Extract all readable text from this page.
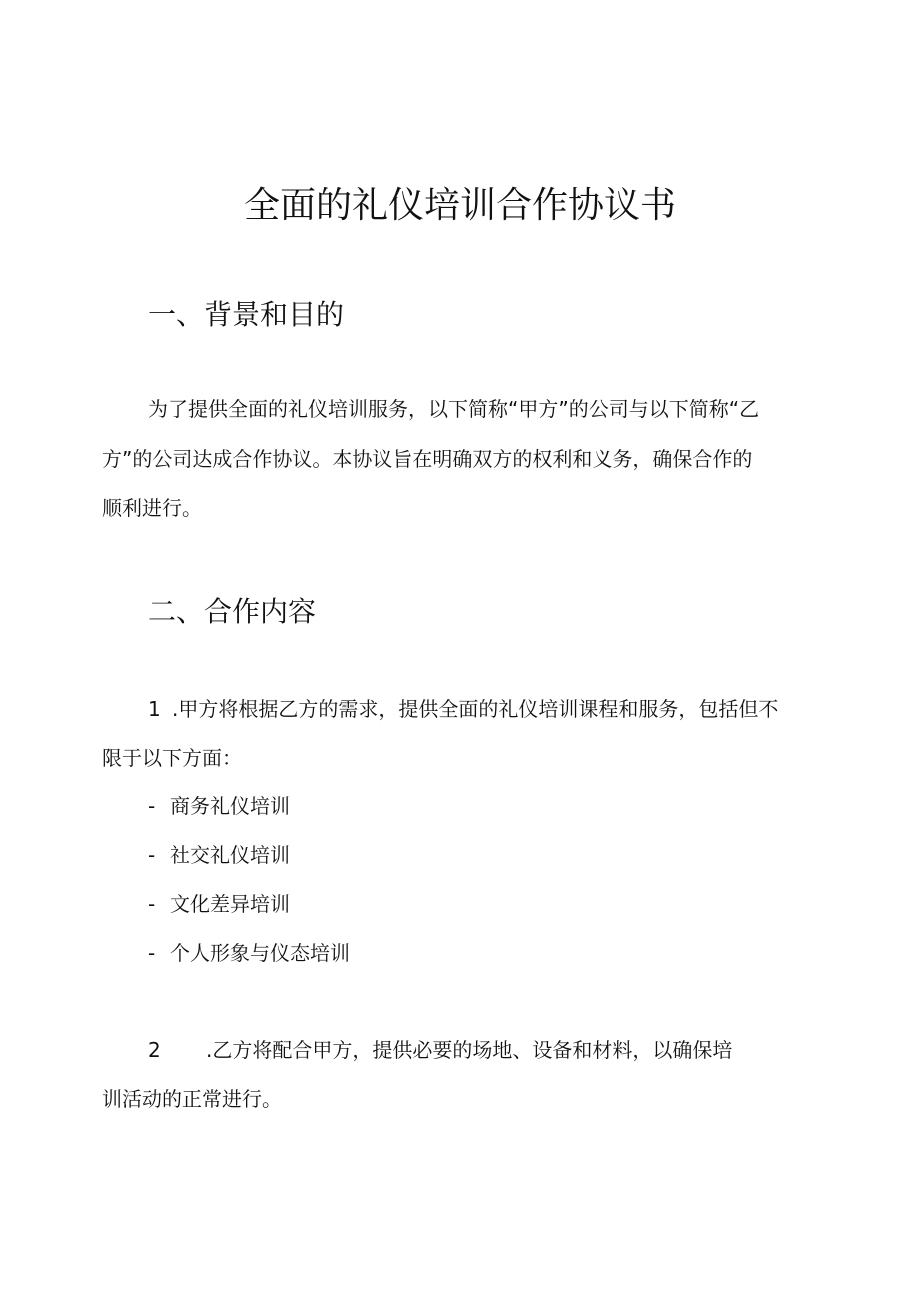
全面的礼仪培训合作协议书
一、背景和目的

为了提供全面的礼仪培训服务，以下简称“甲方”的公司与以下简称“乙

方”的公司达成合作协议。本协议旨在明确双方的权利和义务，确保合作的

顺利进行。

二、合作内容

1 .甲方将根据乙方的需求，提供全面的礼仪培训课程和服务，包括但不

限于以下方面：

- 商务礼仪培训

- 社交礼仪培训

- 文化差异培训

- 个人形象与仪态培训

2 .乙方将配合甲方，提供必要的场地、设备和材料，以确保培

训活动的正常进行。
